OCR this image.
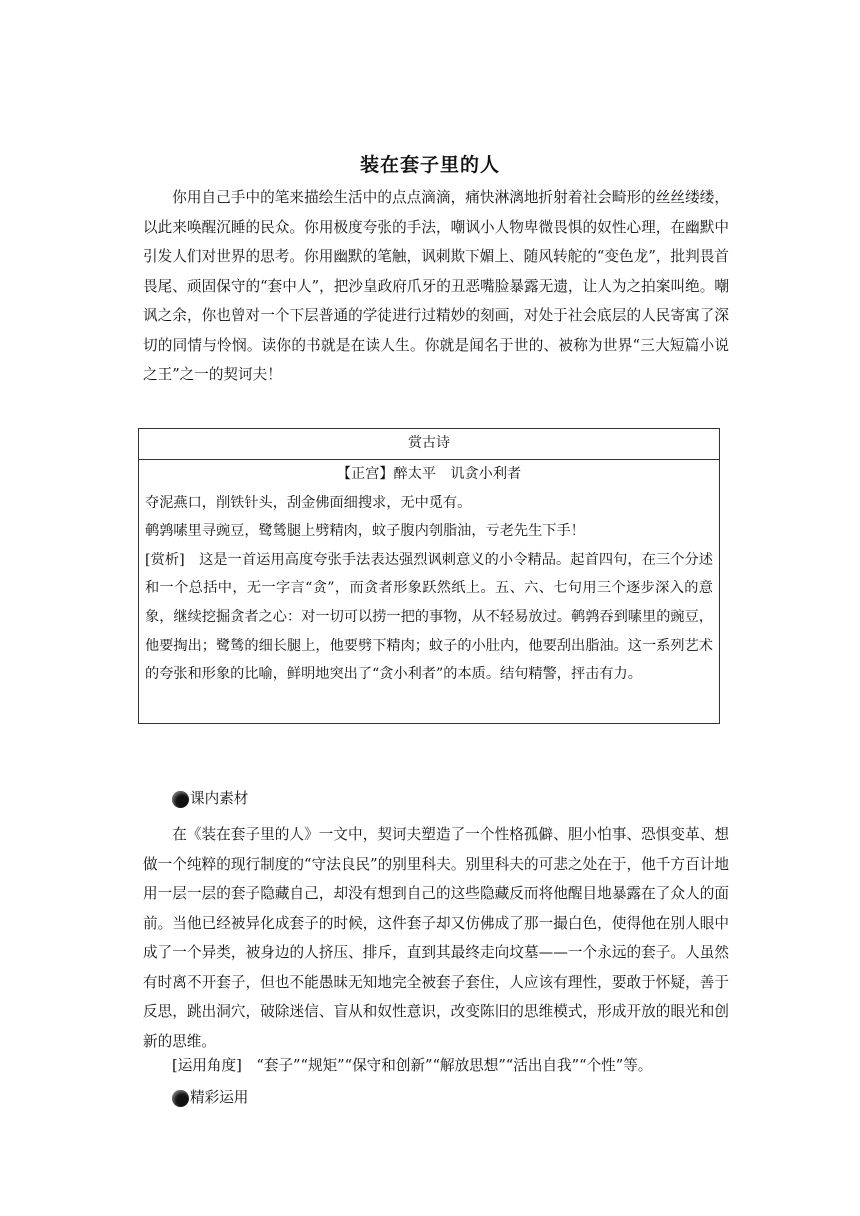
装在套子里的人

你用自己手中的笔来描绘生活中的点点滴滴，痛快淋漓地折射着社会畸形的丝丝缕缕，以此来唤醒沉睡的民众。你用极度夸张的手法，嘲讽小人物卑微畏惧的奴性心理，在幽默中引发人们对世界的思考。你用幽默的笔触，讽刺欺下媚上、随风转舵的“变色龙”，批判畏首畏尾、顽固保守的“套中人”，把沙皇政府爪牙的丑恶嘴脸暴露无遗，让人为之拍案叫绝。嘲讽之余，你也曾对一个下层普通的学徒进行过精妙的刻画，对处于社会底层的人民寄寓了深切的同情与怜悯。读你的书就是在读人生。你就是闻名于世的、被称为世界“三大短篇小说之王”之一的契诃夫！

赏古诗
【正宫】醉太平　讥贪小利者

夺泥燕口，削铁针头，刮金佛面细搜求，无中觅有。

鹌鹑嗉里寻豌豆，鹭鸶腿上劈精肉，蚊子腹内刳脂油，亏老先生下手！

[赏析]　这是一首运用高度夸张手法表达强烈讽刺意义的小令精品。起首四句，在三个分述和一个总括中，无一字言“贪”，而贪者形象跃然纸上。五、六、七句用三个逐步深入的意象，继续挖掘贪者之心：对一切可以捞一把的事物，从不轻易放过。鹌鹑吞到嗉里的豌豆，他要掏出；鹭鸶的细长腿上，他要劈下精肉；蚊子的小肚内，他要刮出脂油。这一系列艺术的夸张和形象的比喻，鲜明地突出了“贪小利者”的本质。结句精警，抨击有力。

课内素材

在《装在套子里的人》一文中，契诃夫塑造了一个性格孤僻、胆小怕事、恐惧变革、想做一个纯粹的现行制度的“守法良民”的别里科夫。别里科夫的可悲之处在于，他千方百计地用一层一层的套子隐藏自己，却没有想到自己的这些隐藏反而将他醒目地暴露在了众人的面前。当他已经被异化成套子的时候，这件套子却又仿佛成了那一撮白色，使得他在别人眼中成了一个异类，被身边的人挤压、排斥，直到其最终走向坟墓——一个永远的套子。人虽然有时离不开套子，但也不能愚昧无知地完全被套子套住，人应该有理性，要敢于怀疑，善于反思，跳出洞穴，破除迷信、盲从和奴性意识，改变陈旧的思维模式，形成开放的眼光和创新的思维。

[运用角度] “套子”“规矩”“保守和创新”“解放思想”“活出自我”“个性”等。
精彩运用
